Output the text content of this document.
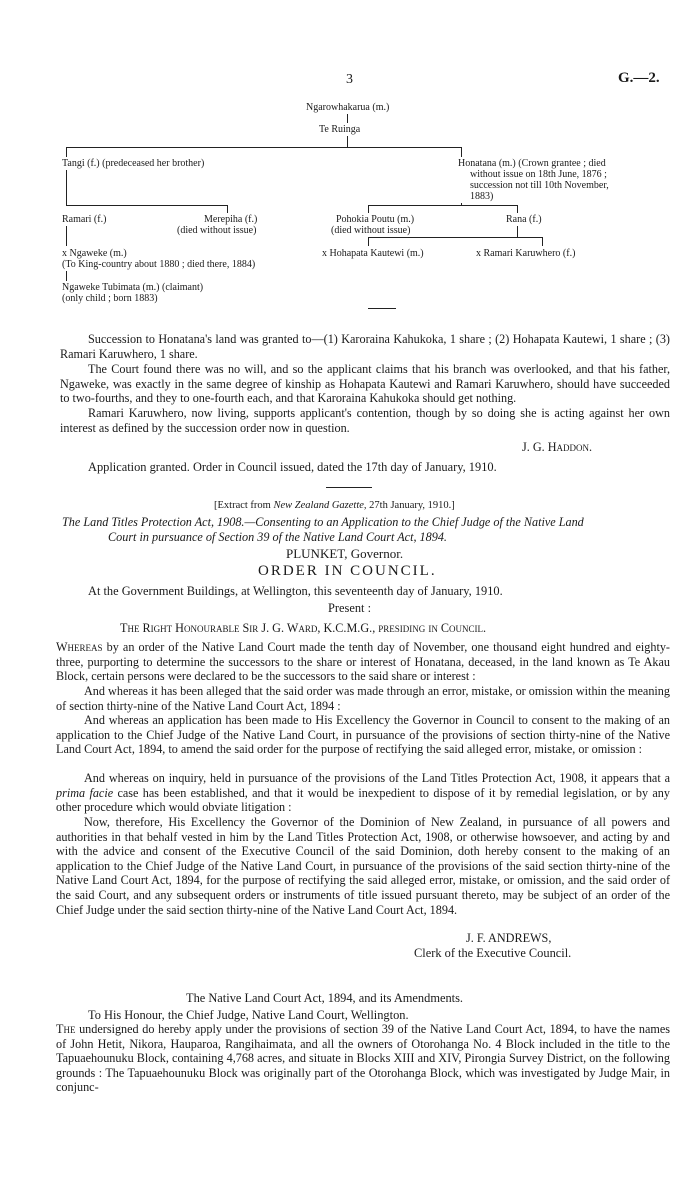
3	G.—2.
Ngarowhakarua (m.)
Te Ruinga
Tangi (f.) (predeceased her brother)	Honatana (m.) (Crown grantee ; died
without issue on 18th June, 1876 ;
succession not till 10th November,
1883)
Ramari (f.)	Merepiha (f.)
(died without issue)
Pohokia Poutu (m.)
(died without issue)
Rana (f.)
x Ngaweke (m.)
(To King-country about 1880 ; died there, 1884)
x Hohapata Kautewi (m.)	x Ramari Karuwhero (f.)
Ngaweke Tubimata (m.) (claimant)
(only child ; born 1883)
Succession to Honatana's land was granted to—(1) Karoraina Kahukoka, 1 share ; (2) Hohapata Kautewi, 1 share ; (3) Ramari Karuwhero, 1 share.
The Court found there was no will, and so the applicant claims that his branch was overlooked, and that his father, Ngaweke, was exactly in the same degree of kinship as Hohapata Kautewi and Ramari Karuwhero, should have succeeded to two-fourths, and they to one-fourth each, and that Karoraina Kahukoka should get nothing.
Ramari Karuwhero, now living, supports applicant's contention, though by so doing she is acting against her own interest as defined by the succession order now in question.
J. G. Haddon.
Application granted. Order in Council issued, dated the 17th day of January, 1910.
[Extract from New Zealand Gazette, 27th January, 1910.]
The Land Titles Protection Act, 1908.—Consenting to an Application to the Chief Judge of the Native Land
Court in pursuance of Section 39 of the Native Land Court Act, 1894.
PLUNKET, Governor.
ORDER IN COUNCIL.
At the Government Buildings, at Wellington, this seventeenth day of January, 1910.
Present :
The Right Honourable Sir J. G. Ward, K.C.M.G., presiding in Council.
Whereas by an order of the Native Land Court made the tenth day of November, one thousand eight hundred and eighty-three, purporting to determine the successors to the share or interest of Honatana, deceased, in the land known as Te Akau Block, certain persons were declared to be the successors to the said share or interest :
And whereas it has been alleged that the said order was made through an error, mistake, or omission within the meaning of section thirty-nine of the Native Land Court Act, 1894 :
And whereas an application has been made to His Excellency the Governor in Council to consent to the making of an application to the Chief Judge of the Native Land Court, in pursuance of the provisions of section thirty-nine of the Native Land Court Act, 1894, to amend the said order for the purpose of rectifying the said alleged error, mistake, or omission :
And whereas on inquiry, held in pursuance of the provisions of the Land Titles Protection Act, 1908, it appears that a prima facie case has been established, and that it would be inexpedient to dispose of it by remedial legislation, or by any other procedure which would obviate litigation :
Now, therefore, His Excellency the Governor of the Dominion of New Zealand, in pursuance of all powers and authorities in that behalf vested in him by the Land Titles Protection Act, 1908, or otherwise howsoever, and acting by and with the advice and consent of the Executive Council of the said Dominion, doth hereby consent to the making of an application to the Chief Judge of the Native Land Court, in pursuance of the provisions of the said section thirty-nine of the Native Land Court Act, 1894, for the purpose of rectifying the said alleged error, mistake, or omission, and the said order of the said Court, and any subsequent orders or instruments of title issued pursuant thereto, may be subject of an order of the Chief Judge under the said section thirty-nine of the Native Land Court Act, 1894.
J. F. ANDREWS,
Clerk of the Executive Council.
The Native Land Court Act, 1894, and its Amendments.
To His Honour, the Chief Judge, Native Land Court, Wellington.
The undersigned do hereby apply under the provisions of section 39 of the Native Land Court Act, 1894, to have the names of John Hetit, Nikora, Hauparoa, Rangihaimata, and all the owners of Otorohanga No. 4 Block included in the title to the Tapuaehounuku Block, containing 4,768 acres, and situate in Blocks XIII and XIV, Pirongia Survey District, on the following grounds : The Tapuaehounuku Block was originally part of the Otorohanga Block, which was investigated by Judge Mair, in conjunc-
